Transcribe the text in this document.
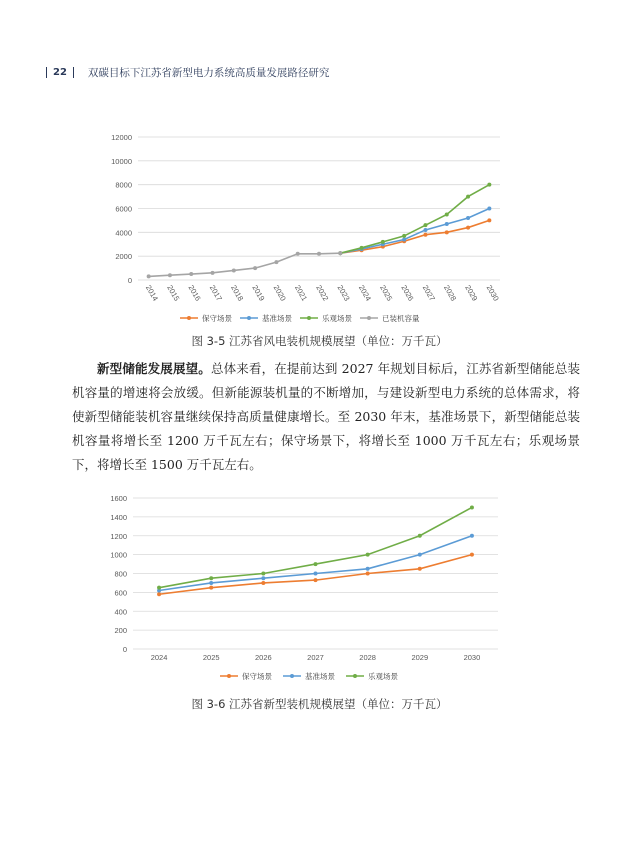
22 双碳目标下江苏省新型电力系统高质量发展路径研究
0
2000
4000
6000
8000
10000
12000
2014 2015 2016 2017 2018 2019 2020 2021 2022 2023 2024 2025 2026 2027 2028 2029 2030
保守场景	基准场景	乐观场景	已装机容量
图 3-5 江苏省风电装机规模展望（单位：万千瓦）

新型储能发展展望。总体来看，在提前达到 2027 年规划目标后，江苏省新型储能总装机容量的增速将会放缓。但新能源装机量的不断增加，与建设新型电力系统的总体需求，将使新型储能装机容量继续保持高质量健康增长。至 2030 年末，基准场景下，新型储能总装机容量将增长至 1200 万千瓦左右；保守场景下，将增长至 1000 万千瓦左右；乐观场景下，将增长至 1500 万千瓦左右。

0
200
400
600
800
1000
1200
1400
1600
2024	2025	2026	2027	2028	2029	2030
保守场景	基准场景	乐观场景
图 3-6 江苏省新型装机规模展望（单位：万千瓦）
